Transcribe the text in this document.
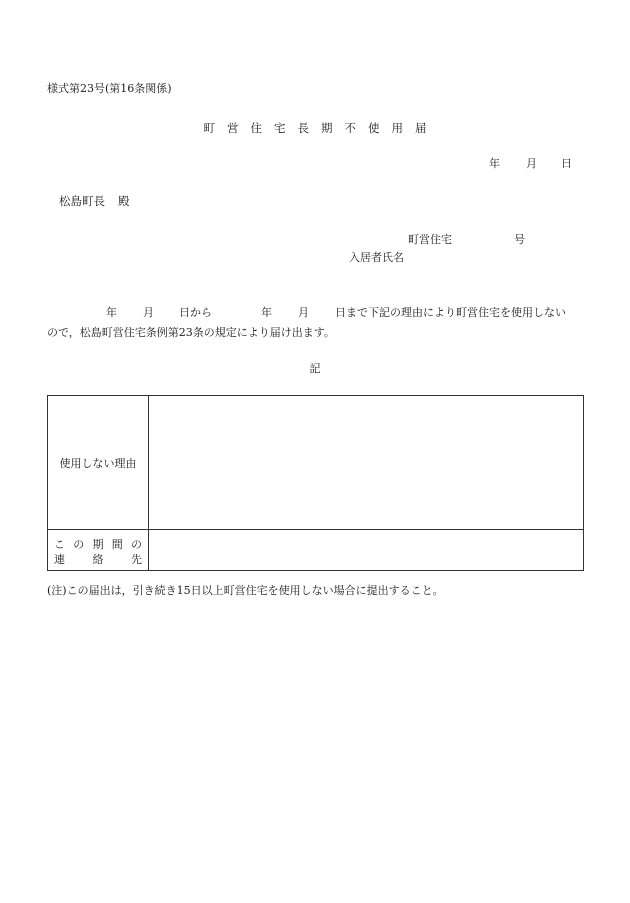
様式第23号(第16条関係)
町 営 住 宅 長 期 不 使 用 届
年 月 日
松島町長 殿
町営住宅	号
入居者氏名
年 月 日から	年 月 日まで下記の理由により町営住宅を使用しない
ので，松島町営住宅条例第23条の規定により届け出ます。
記
使用しない理由
こ の 期 間 の
連	絡	先
(注)この届出は，引き続き15日以上町営住宅を使用しない場合に提出すること。
